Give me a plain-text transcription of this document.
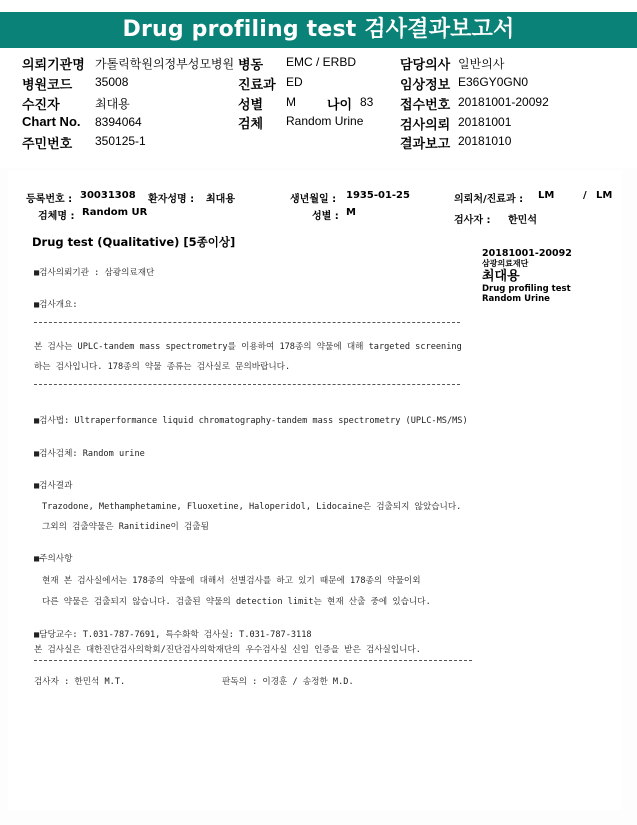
Drug profiling test 검사결과보고서
의뢰기관명 가톨릭학원의정부성모병원 병동 EMC / ERBD	담당의사 일반의사
병원코드 35008	진료과 ED	임상정보 E36GY0GN0
수진자	최대용	성별 M 나이 83 접수번호 20181001-20092
Chart No. 8394064	검체 Random Urine	검사의뢰 20181001
주민번호 350125-1	결과보고 20181010
등록번호 : 30031308 환자성명 : 최대용	생년월일 : 1935-01-25	의뢰처/진료과 : LM	/ LM
검체명 : Random UR	성별 : M
검사자 : 한민석
Drug test (Qualitative) [5종이상]
20181001-20092
삼광의료재단
최대용
Drug profiling test
Random Urine
■검사의뢰기관 : 삼광의료재단
■검사개요:
본 검사는 UPLC-tandem mass spectrometry를 이용하여 178종의 약물에 대해 targeted screening
하는 검사입니다. 178종의 약물 종류는 검사실로 문의바랍니다.
■검사법: Ultraperformance liquid chromatography-tandem mass spectrometry (UPLC-MS/MS)
■검사검체: Random urine
■검사결과
Trazodone, Methamphetamine, Fluoxetine, Haloperidol, Lidocaine은 검출되지 않았습니다.
그외의 검출약물은 Ranitidine이 검출됨
■주의사항
현재 본 검사실에서는 178종의 약물에 대해서 선별검사를 하고 있기 때문에 178종의 약물이외
다른 약물은 검출되지 않습니다. 검출된 약물의 detection limit는 현재 산출 중에 있습니다.
■담당교수: T.031-787-7691, 특수화학 검사실: T.031-787-3118
본 검사실은 대한진단검사의학회/진단검사의학재단의 우수검사실 신임 인증을 받은 검사실입니다.
검사자 : 한민석 M.T.	판독의 : 이경훈 / 송정한 M.D.
